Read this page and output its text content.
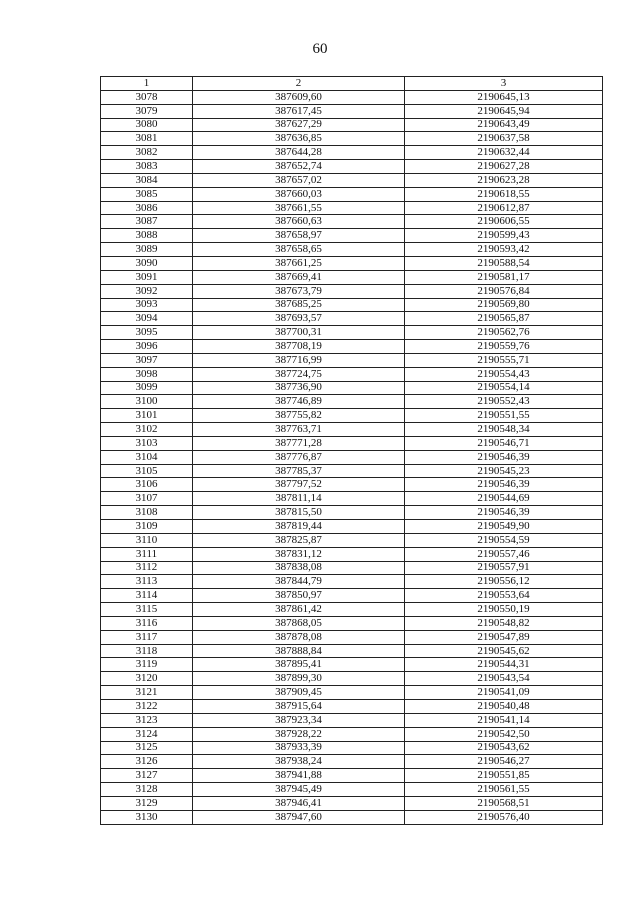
60
1	2	3
3078	387609,60	2190645,13
3079	387617,45	2190645,94
3080	387627,29	2190643,49
3081	387636,85	2190637,58
3082	387644,28	2190632,44
3083	387652,74	2190627,28
3084	387657,02	2190623,28
3085	387660,03	2190618,55
3086	387661,55	2190612,87
3087	387660,63	2190606,55
3088	387658,97	2190599,43
3089	387658,65	2190593,42
3090	387661,25	2190588,54
3091	387669,41	2190581,17
3092	387673,79	2190576,84
3093	387685,25	2190569,80
3094	387693,57	2190565,87
3095	387700,31	2190562,76
3096	387708,19	2190559,76
3097	387716,99	2190555,71
3098	387724,75	2190554,43
3099	387736,90	2190554,14
3100	387746,89	2190552,43
3101	387755,82	2190551,55
3102	387763,71	2190548,34
3103	387771,28	2190546,71
3104	387776,87	2190546,39
3105	387785,37	2190545,23
3106	387797,52	2190546,39
3107	387811,14	2190544,69
3108	387815,50	2190546,39
3109	387819,44	2190549,90
3110	387825,87	2190554,59
3111	387831,12	2190557,46
3112	387838,08	2190557,91
3113	387844,79	2190556,12
3114	387850,97	2190553,64
3115	387861,42	2190550,19
3116	387868,05	2190548,82
3117	387878,08	2190547,89
3118	387888,84	2190545,62
3119	387895,41	2190544,31
3120	387899,30	2190543,54
3121	387909,45	2190541,09
3122	387915,64	2190540,48
3123	387923,34	2190541,14
3124	387928,22	2190542,50
3125	387933,39	2190543,62
3126	387938,24	2190546,27
3127	387941,88	2190551,85
3128	387945,49	2190561,55
3129	387946,41	2190568,51
3130	387947,60	2190576,40
